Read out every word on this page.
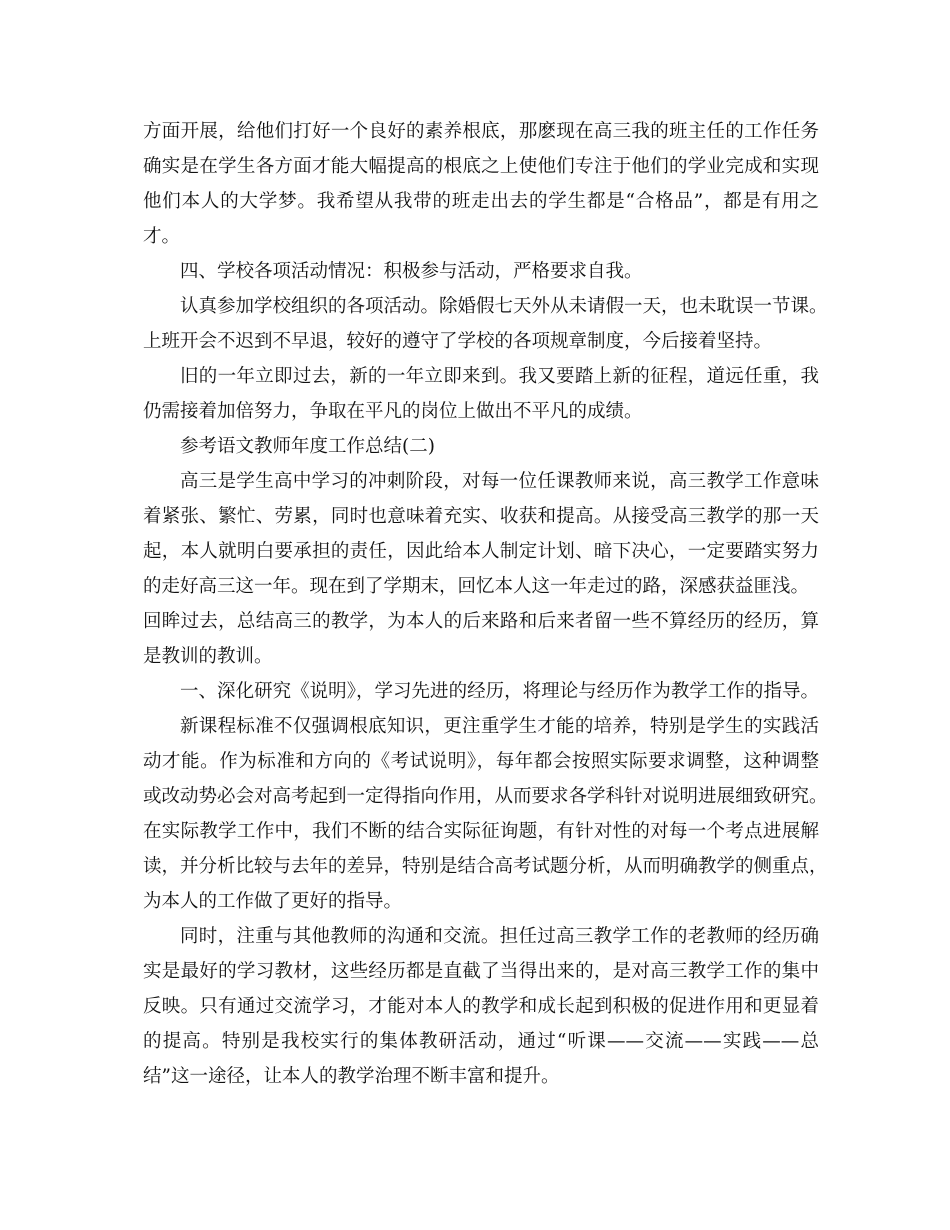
方面开展，给他们打好一个良好的素养根底，那麽现在高三我的班主任的工作任务
确实是在学生各方面才能大幅提高的根底之上使他们专注于他们的学业完成和实现
他们本人的大学梦。我希望从我带的班走出去的学生都是“合格品”，都是有用之
才。
四、学校各项活动情况：积极参与活动，严格要求自我。
认真参加学校组织的各项活动。除婚假七天外从未请假一天，也未耽误一节课。
上班开会不迟到不早退，较好的遵守了学校的各项规章制度，今后接着坚持。
旧的一年立即过去，新的一年立即来到。我又要踏上新的征程，道远任重，我
仍需接着加倍努力，争取在平凡的岗位上做出不平凡的成绩。
参考语文教师年度工作总结(二)
高三是学生高中学习的冲刺阶段，对每一位任课教师来说，高三教学工作意味
着紧张、繁忙、劳累，同时也意味着充实、收获和提高。从接受高三教学的那一天
起，本人就明白要承担的责任，因此给本人制定计划、暗下决心，一定要踏实努力
的走好高三这一年。现在到了学期末，回忆本人这一年走过的路，深感获益匪浅。
回眸过去，总结高三的教学，为本人的后来路和后来者留一些不算经历的经历，算
是教训的教训。
一、深化研究《说明》，学习先进的经历，将理论与经历作为教学工作的指导。
新课程标准不仅强调根底知识，更注重学生才能的培养，特别是学生的实践活
动才能。作为标准和方向的《考试说明》，每年都会按照实际要求调整，这种调整
或改动势必会对高考起到一定得指向作用，从而要求各学科针对说明进展细致研究。
在实际教学工作中，我们不断的结合实际征询题，有针对性的对每一个考点进展解
读，并分析比较与去年的差异，特别是结合高考试题分析，从而明确教学的侧重点，
为本人的工作做了更好的指导。
同时，注重与其他教师的沟通和交流。担任过高三教学工作的老教师的经历确
实是最好的学习教材，这些经历都是直截了当得出来的，是对高三教学工作的集中
反映。只有通过交流学习，才能对本人的教学和成长起到积极的促进作用和更显着
的提高。特别是我校实行的集体教研活动，通过“听课——交流——实践——总
结”这一途径，让本人的教学治理不断丰富和提升。
